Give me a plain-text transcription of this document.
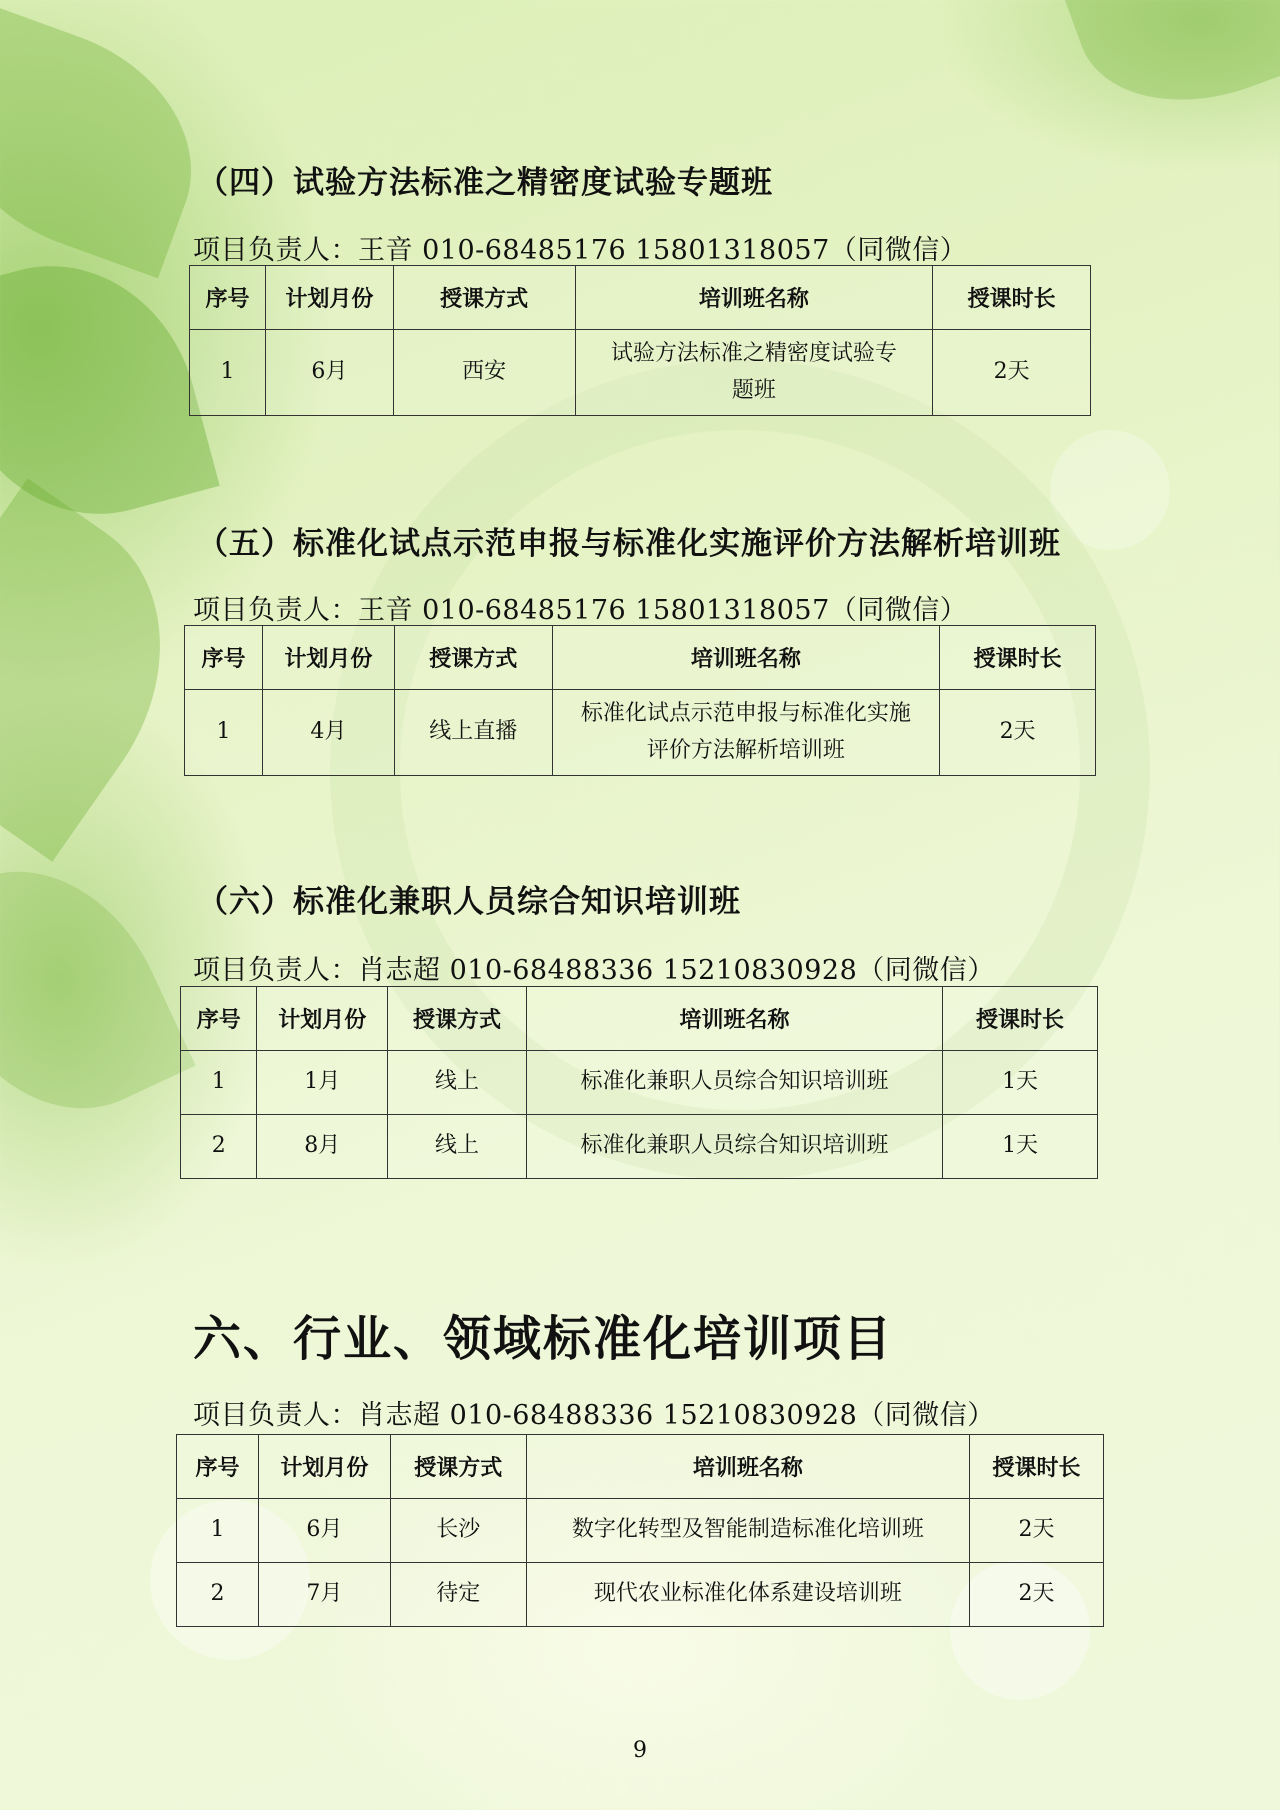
（四）试验方法标准之精密度试验专题班
项目负责人：王音 010-68485176 15801318057（同微信）
序号	计划月份	授课方式	培训班名称	授课时长
1	6月	西安	试验方法标准之精密度试验专题班	2天
（五）标准化试点示范申报与标准化实施评价方法解析培训班
项目负责人：王音 010-68485176 15801318057（同微信）
序号	计划月份	授课方式	培训班名称	授课时长
1	4月	线上直播	标准化试点示范申报与标准化实施评价方法解析培训班	2天
（六）标准化兼职人员综合知识培训班
项目负责人：肖志超 010-68488336 15210830928（同微信）
序号	计划月份	授课方式	培训班名称	授课时长
1	1月	线上	标准化兼职人员综合知识培训班	1天
2	8月	线上	标准化兼职人员综合知识培训班	1天
六、行业、领域标准化培训项目
项目负责人：肖志超 010-68488336 15210830928（同微信）
序号	计划月份	授课方式	培训班名称	授课时长
1	6月	长沙	数字化转型及智能制造标准化培训班	2天
2	7月	待定	现代农业标准化体系建设培训班	2天
9
